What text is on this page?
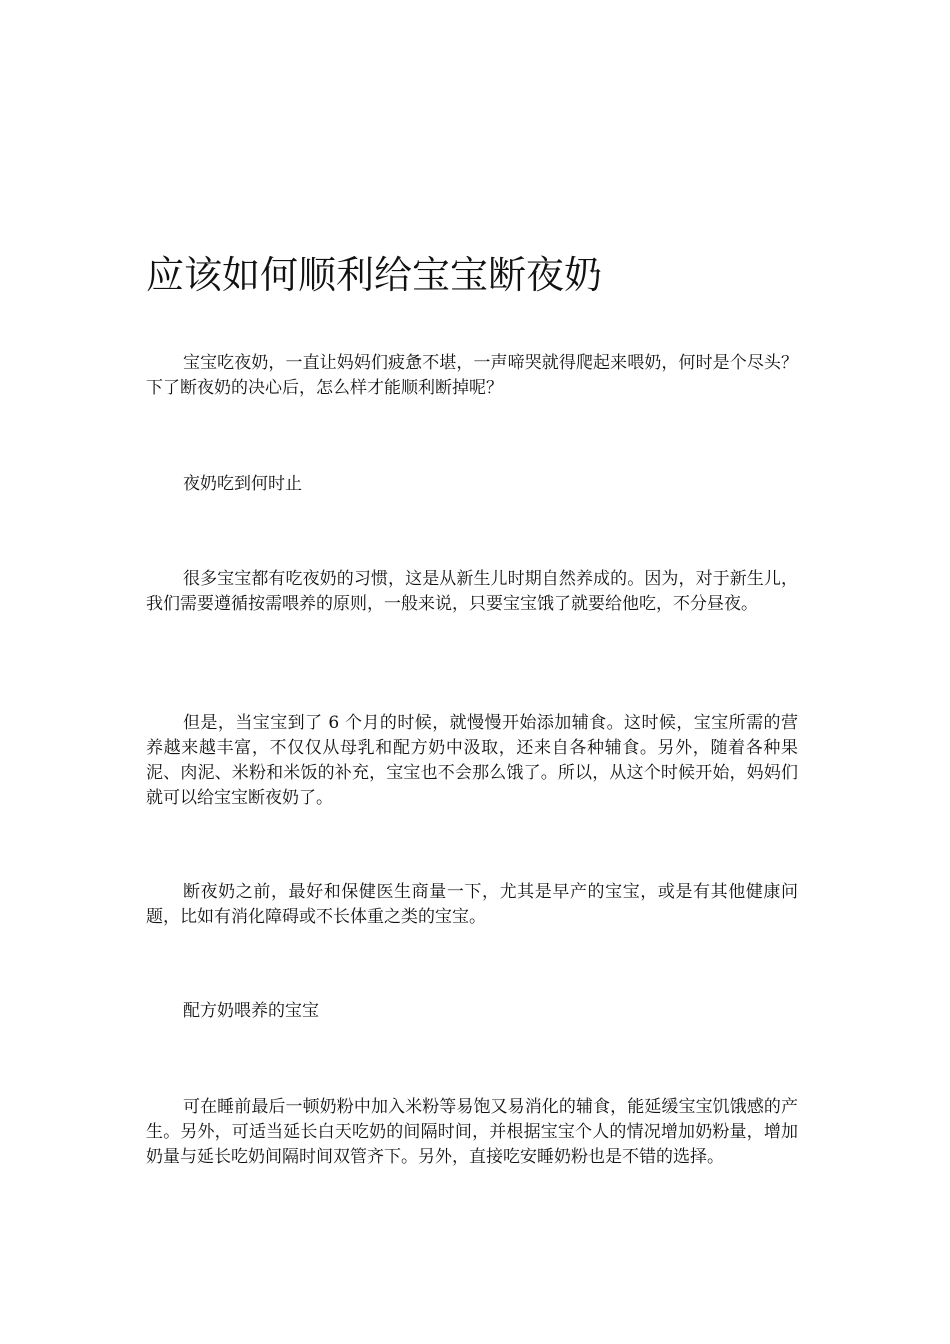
应该如何顺利给宝宝断夜奶

宝宝吃夜奶，一直让妈妈们疲惫不堪，一声啼哭就得爬起来喂奶，何时是个尽头？下了断夜奶的决心后，怎么样才能顺利断掉呢？

夜奶吃到何时止

很多宝宝都有吃夜奶的习惯，这是从新生儿时期自然养成的。因为，对于新生儿，我们需要遵循按需喂养的原则，一般来说，只要宝宝饿了就要给他吃，不分昼夜。

但是，当宝宝到了 6 个月的时候，就慢慢开始添加辅食。这时候，宝宝所需的营养越来越丰富，不仅仅从母乳和配方奶中汲取，还来自各种辅食。另外，随着各种果泥、肉泥、米粉和米饭的补充，宝宝也不会那么饿了。所以，从这个时候开始，妈妈们就可以给宝宝断夜奶了。

断夜奶之前，最好和保健医生商量一下，尤其是早产的宝宝，或是有其他健康问题，比如有消化障碍或不长体重之类的宝宝。

配方奶喂养的宝宝

可在睡前最后一顿奶粉中加入米粉等易饱又易消化的辅食，能延缓宝宝饥饿感的产生。另外，可适当延长白天吃奶的间隔时间，并根据宝宝个人的情况增加奶粉量，增加奶量与延长吃奶间隔时间双管齐下。另外，直接吃安睡奶粉也是不错的选择。
